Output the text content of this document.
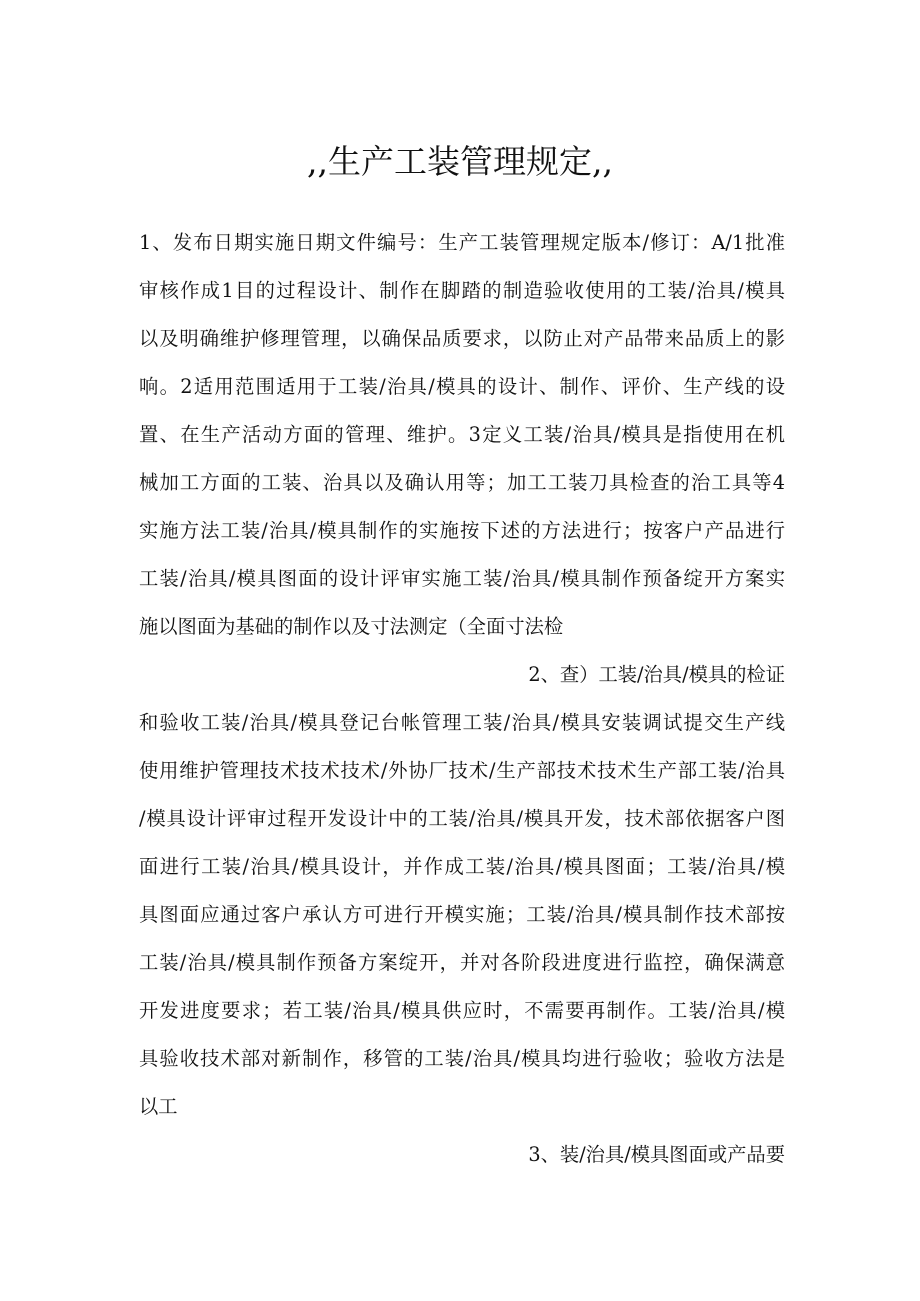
,,生产工装管理规定,,
1、发布日期实施日期文件编号：生产工装管理规定版本/修订：A/1批准
审核作成1目的过程设计、制作在脚踏的制造验收使用的工装/治具/模具
以及明确维护修理管理，以确保品质要求，以防止对产品带来品质上的影
响。2适用范围适用于工装/治具/模具的设计、制作、评价、生产线的设
置、在生产活动方面的管理、维护。3定义工装/治具/模具是指使用在机
械加工方面的工装、治具以及确认用等；加工工装刀具检查的治工具等4
实施方法工装/治具/模具制作的实施按下述的方法进行；按客户产品进行
工装/治具/模具图面的设计评审实施工装/治具/模具制作预备绽开方案实
施以图面为基础的制作以及寸法测定（全面寸法检
2、查）工装/治具/模具的检证
和验收工装/治具/模具登记台帐管理工装/治具/模具安装调试提交生产线
使用维护管理技术技术技术/外协厂技术/生产部技术技术生产部工装/治具
/模具设计评审过程开发设计中的工装/治具/模具开发，技术部依据客户图
面进行工装/治具/模具设计，并作成工装/治具/模具图面；工装/治具/模
具图面应通过客户承认方可进行开模实施；工装/治具/模具制作技术部按
工装/治具/模具制作预备方案绽开，并对各阶段进度进行监控，确保满意
开发进度要求；若工装/治具/模具供应时，不需要再制作。工装/治具/模
具验收技术部对新制作，移管的工装/治具/模具均进行验收；验收方法是
以工
3、装/治具/模具图面或产品要
